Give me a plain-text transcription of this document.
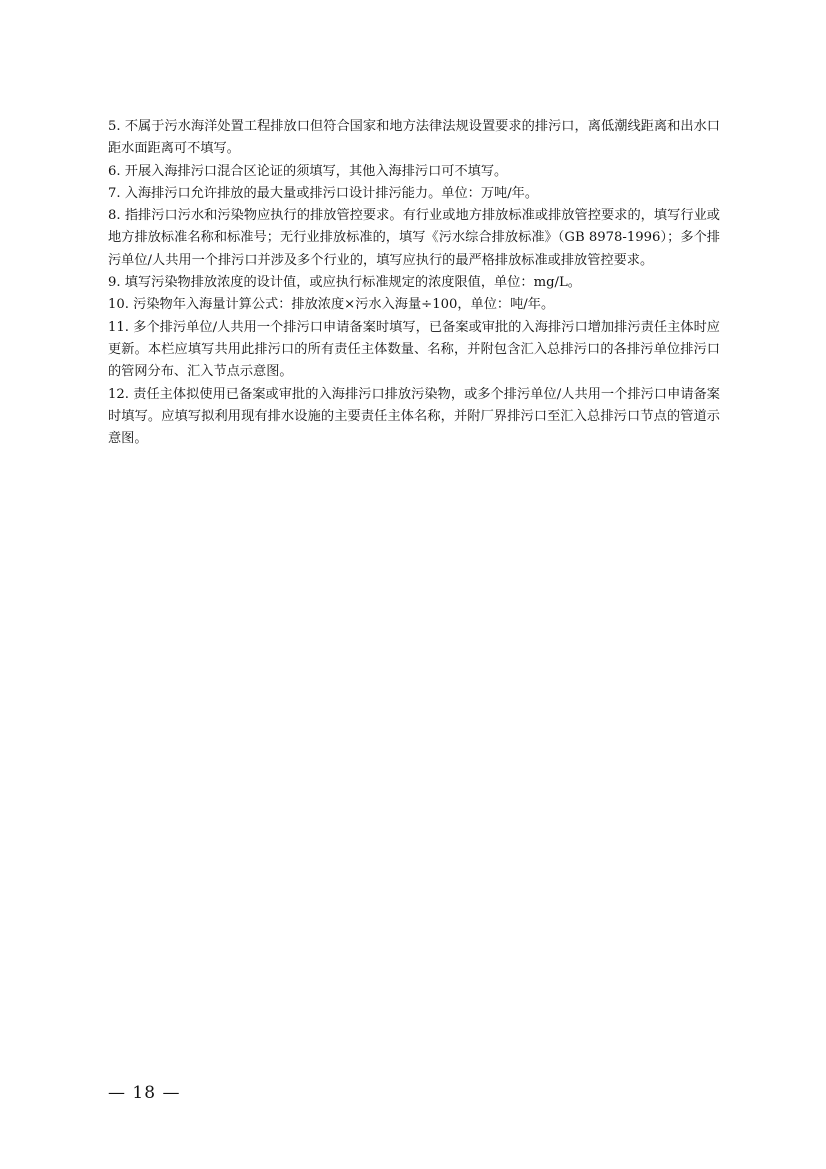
5. 不属于污水海洋处置工程排放口但符合国家和地方法律法规设置要求的排污口，离低潮线距离和出水口距水面距离可不填写。

6. 开展入海排污口混合区论证的须填写，其他入海排污口可不填写。

7. 入海排污口允许排放的最大量或排污口设计排污能力。单位：万吨/年。

8. 指排污口污水和污染物应执行的排放管控要求。有行业或地方排放标准或排放管控要求的，填写行业或地方排放标准名称和标准号；无行业排放标准的，填写《污水综合排放标准》（GB 8978-1996）；多个排污单位/人共用一个排污口并涉及多个行业的，填写应执行的最严格排放标准或排放管控要求。

9. 填写污染物排放浓度的设计值，或应执行标准规定的浓度限值，单位：mg/L。

10. 污染物年入海量计算公式：排放浓度×污水入海量÷100，单位：吨/年。

11. 多个排污单位/人共用一个排污口申请备案时填写，已备案或审批的入海排污口增加排污责任主体时应更新。本栏应填写共用此排污口的所有责任主体数量、名称，并附包含汇入总排污口的各排污单位排污口的管网分布、汇入节点示意图。

12. 责任主体拟使用已备案或审批的入海排污口排放污染物，或多个排污单位/人共用一个排污口申请备案时填写。应填写拟利用现有排水设施的主要责任主体名称，并附厂界排污口至汇入总排污口节点的管道示意图。

— 18 —
